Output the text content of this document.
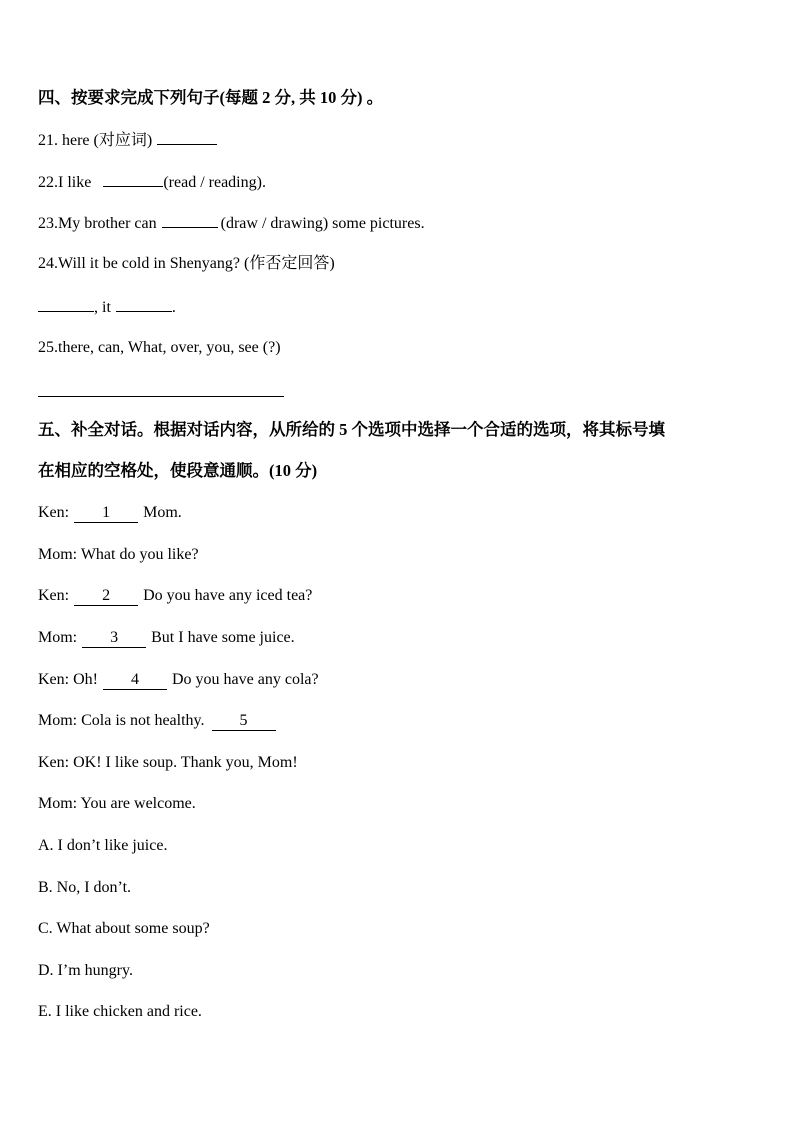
四、按要求完成下列句子(每题 2 分, 共 10 分) 。
21. here (对应词)
22.I like	(read / reading).
23.My brother can	(draw / drawing) some pictures.
24.Will it be cold in Shenyang? (作否定回答)
, it	.
25.there, can, What, over, you, see (?)
五、补全对话。根据对话内容，从所给的 5 个选项中选择一个合适的选项，将其标号填
在相应的空格处，使段意通顺。(10 分)
Ken: 1 Mom.
Mom: What do you like?
Ken: 2 Do you have any iced tea?
Mom: 3 But I have some juice.
Ken: Oh! 4 Do you have any cola?
Mom: Cola is not healthy. 5
Ken: OK! I like soup. Thank you, Mom!
Mom: You are welcome.
A. I don’t like juice.
B. No, I don’t.
C. What about some soup?
D. I’m hungry.
E. I like chicken and rice.
